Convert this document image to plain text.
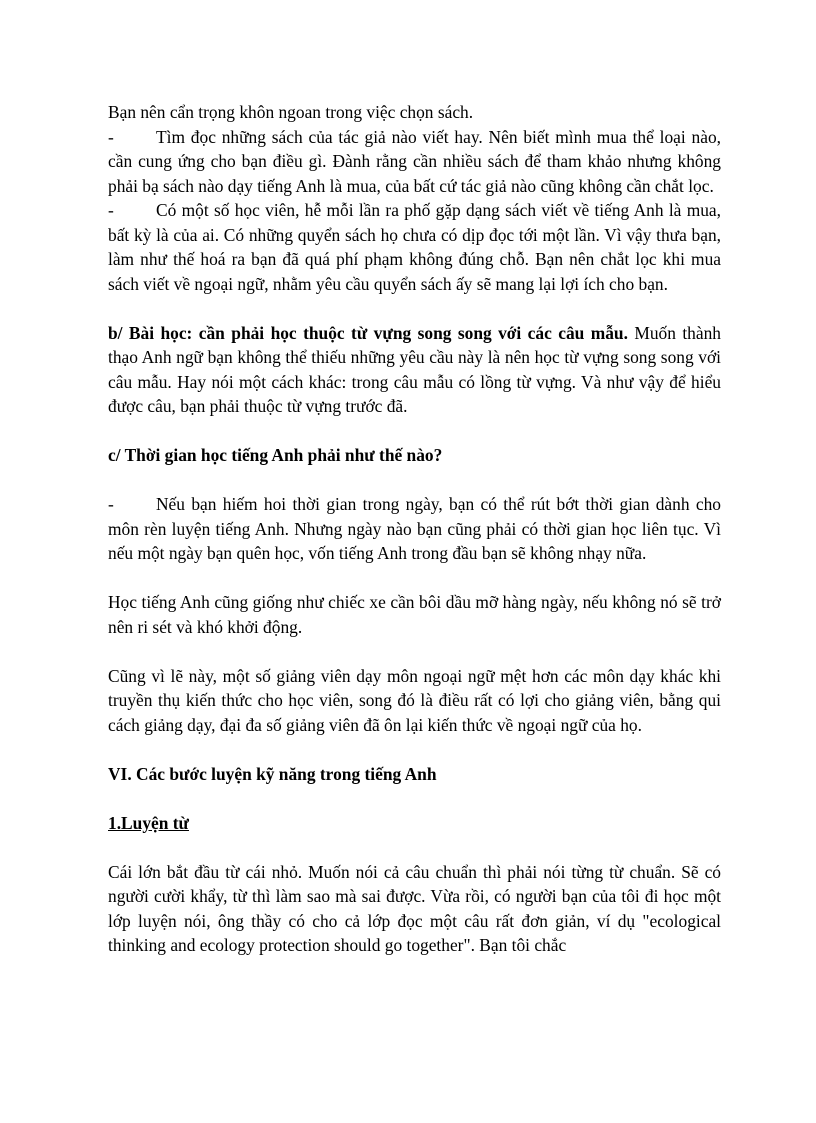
Bạn nên cẩn trọng khôn ngoan trong việc chọn sách.

- Tìm đọc những sách của tác giả nào viết hay. Nên biết mình mua thể loại nào, cần cung ứng cho bạn điều gì. Đành rằng cần nhiều sách để tham khảo nhưng không phải bạ sách nào dạy tiếng Anh là mua, của bất cứ tác giả nào cũng không cần chắt lọc.

- Có một số học viên, hễ mỗi lần ra phố gặp dạng sách viết về tiếng Anh là mua, bất kỳ là của ai. Có những quyển sách họ chưa có dịp đọc tới một lần. Vì vậy thưa bạn, làm như thế hoá ra bạn đã quá phí phạm không đúng chỗ. Bạn nên chắt lọc khi mua sách viết về ngoại ngữ, nhằm yêu cầu quyển sách ấy sẽ mang lại lợi ích cho bạn.

b/ Bài học: cần phải học thuộc từ vựng song song với các câu mẫu. Muốn thành thạo Anh ngữ bạn không thể thiếu những yêu cầu này là nên học từ vựng song song với câu mẫu. Hay nói một cách khác: trong câu mẫu có lồng từ vựng. Và như vậy để hiểu được câu, bạn phải thuộc từ vựng trước đã.

c/ Thời gian học tiếng Anh phải như thế nào?

- Nếu bạn hiếm hoi thời gian trong ngày, bạn có thể rút bớt thời gian dành cho môn rèn luyện tiếng Anh. Nhưng ngày nào bạn cũng phải có thời gian học liên tục. Vì nếu một ngày bạn quên học, vốn tiếng Anh trong đầu bạn sẽ không nhạy nữa.

Học tiếng Anh cũng giống như chiếc xe cần bôi dầu mỡ hàng ngày, nếu không nó sẽ trở nên ri sét và khó khởi động.

Cũng vì lẽ này, một số giảng viên dạy môn ngoại ngữ mệt hơn các môn dạy khác khi truyền thụ kiến thức cho học viên, song đó là điều rất có lợi cho giảng viên, bằng qui cách giảng dạy, đại đa số giảng viên đã ôn lại kiến thức về ngoại ngữ của họ.

VI. Các bước luyện kỹ năng trong tiếng Anh

1.Luyện từ

Cái lớn bắt đầu từ cái nhỏ. Muốn nói cả câu chuẩn thì phải nói từng từ chuẩn. Sẽ có người cười khẩy, từ thì làm sao mà sai được. Vừa rồi, có người bạn của tôi đi học một lớp luyện nói, ông thầy có cho cả lớp đọc một câu rất đơn giản, ví dụ "ecological thinking and ecology protection should go together". Bạn tôi chắc
